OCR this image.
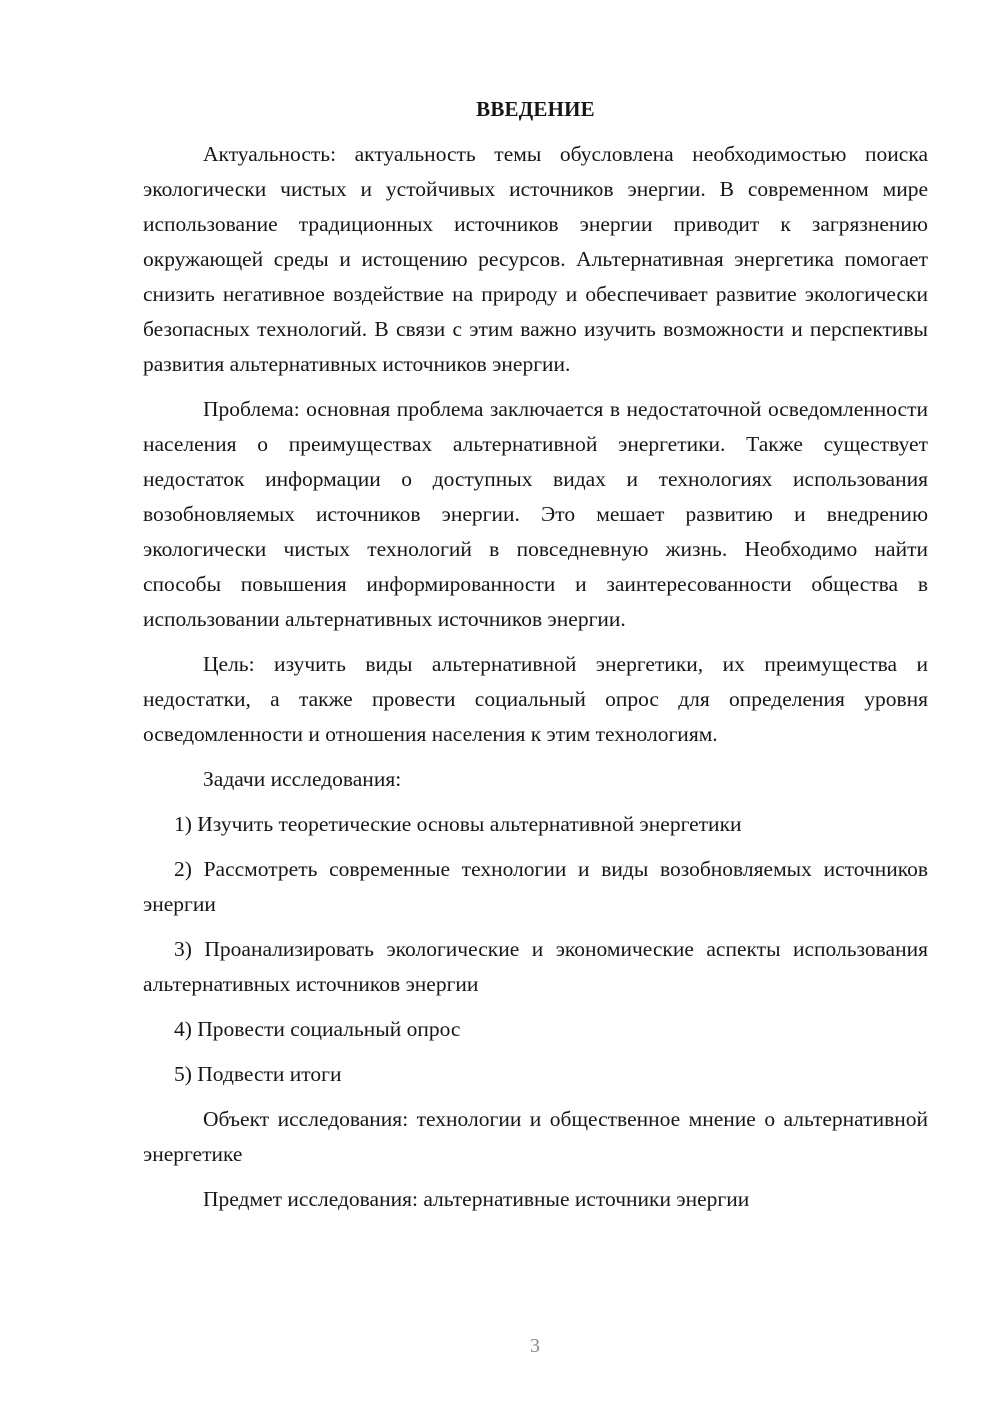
ВВЕДЕНИЕ
Актуальность: актуальность темы обусловлена необходимостью поиска экологически чистых и устойчивых источников энергии. В современном мире использование традиционных источников энергии приводит к загрязнению окружающей среды и истощению ресурсов. Альтернативная энергетика помогает снизить негативное воздействие на природу и обеспечивает развитие экологически безопасных технологий. В связи с этим важно изучить возможности и перспективы развития альтернативных источников энергии.
Проблема: основная проблема заключается в недостаточной осведомленности населения о преимуществах альтернативной энергетики. Также существует недостаток информации о доступных видах и технологиях использования возобновляемых источников энергии. Это мешает развитию и внедрению экологически чистых технологий в повседневную жизнь. Необходимо найти способы повышения информированности и заинтересованности общества в использовании альтернативных источников энергии.
Цель: изучить виды альтернативной энергетики, их преимущества и недостатки, а также провести социальный опрос для определения уровня осведомленности и отношения населения к этим технологиям.
Задачи исследования:
1) Изучить теоретические основы альтернативной энергетики
2) Рассмотреть современные технологии и виды возобновляемых источников энергии
3) Проанализировать экологические и экономические аспекты использования альтернативных источников энергии
4) Провести социальный опрос
5) Подвести итоги
Объект исследования: технологии и общественное мнение о альтернативной энергетике
Предмет исследования: альтернативные источники энергии
3
